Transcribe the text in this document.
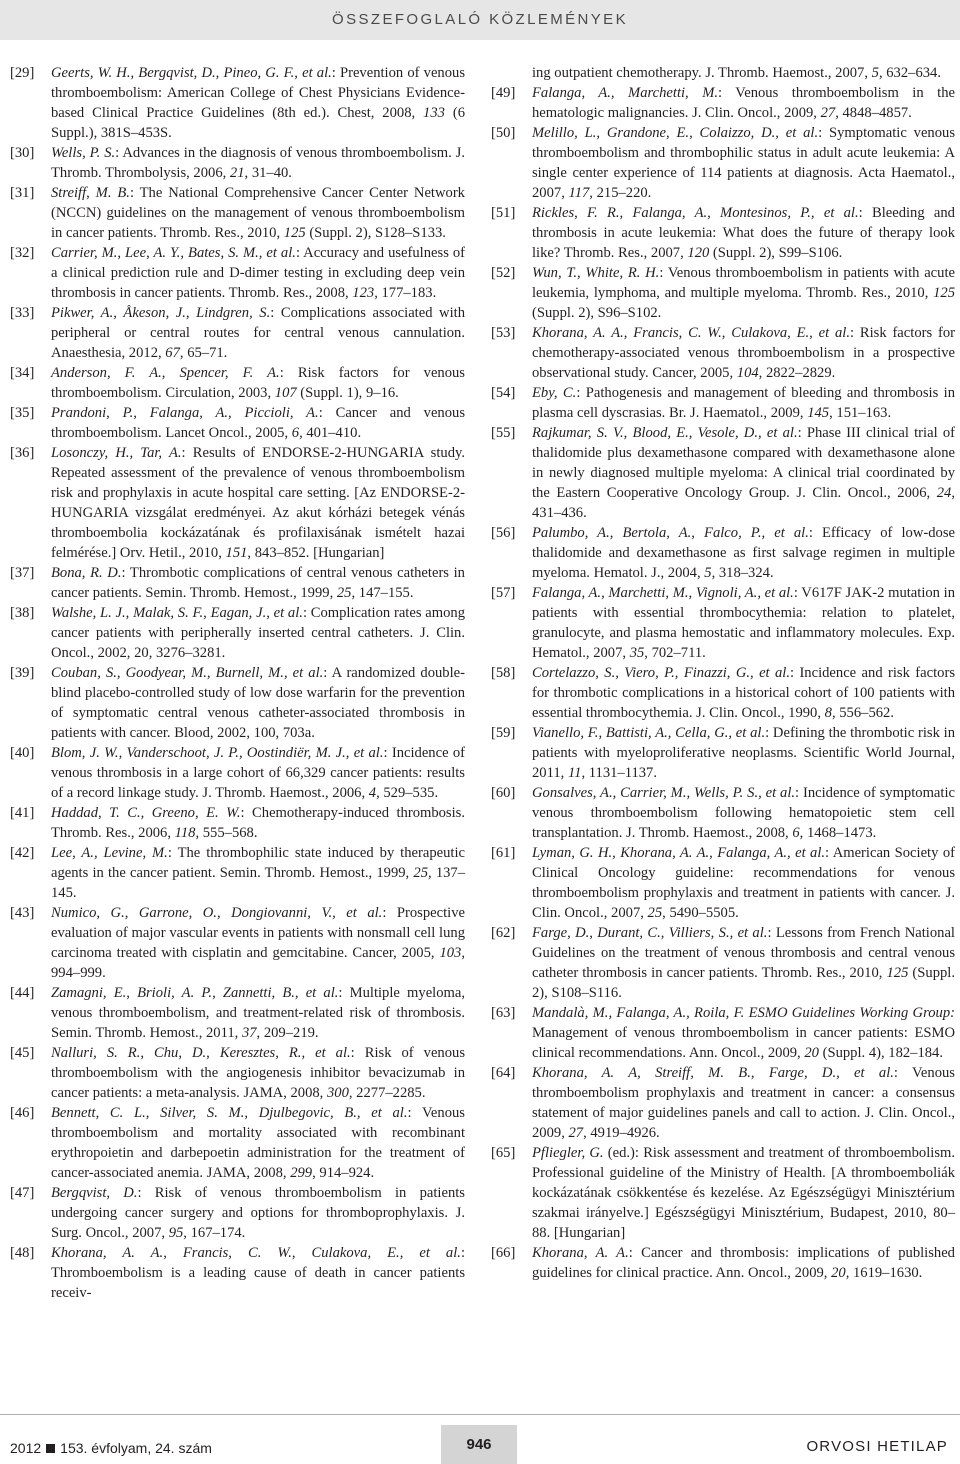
ÖSSZEFOGLALÓ KÖZLEMÉNYEK
[29]	Geerts, W. H., Bergqvist, D., Pineo, G. F., et al.: Prevention of venous thromboembolism: American College of Chest Physicians Evidence-based Clinical Practice Guidelines (8th ed.). Chest, 2008, 133 (6 Suppl.), 381S–453S.
[30]	Wells, P. S.: Advances in the diagnosis of venous thromboembolism. J. Thromb. Thrombolysis, 2006, 21, 31–40.
[31]	Streiff, M. B.: The National Comprehensive Cancer Center Network (NCCN) guidelines on the management of venous thromboembolism in cancer patients. Thromb. Res., 2010, 125 (Suppl. 2), S128–S133.
[32]	Carrier, M., Lee, A. Y., Bates, S. M., et al.: Accuracy and usefulness of a clinical prediction rule and D-dimer testing in excluding deep vein thrombosis in cancer patients. Thromb. Res., 2008, 123, 177–183.
[33]	Pikwer, A., Åkeson, J., Lindgren, S.: Complications associated with peripheral or central routes for central venous cannulation. Anaesthesia, 2012, 67, 65–71.
[34]	Anderson, F. A., Spencer, F. A.: Risk factors for venous thromboembolism. Circulation, 2003, 107 (Suppl. 1), 9–16.
[35]	Prandoni, P., Falanga, A., Piccioli, A.: Cancer and venous thromboembolism. Lancet Oncol., 2005, 6, 401–410.
[36]	Losonczy, H., Tar, A.: Results of ENDORSE-2-HUNGARIA study. Repeated assessment of the prevalence of venous thromboembolism risk and prophylaxis in acute hospital care setting. [Az ENDORSE-2-HUNGARIA vizsgálat eredményei. Az akut kórházi betegek vénás thromboembolia kockázatának és profilaxisának ismételt hazai felmérése.] Orv. Hetil., 2010, 151, 843–852. [Hungarian]
[37]	Bona, R. D.: Thrombotic complications of central venous catheters in cancer patients. Semin. Thromb. Hemost., 1999, 25, 147–155.
[38]	Walshe, L. J., Malak, S. F., Eagan, J., et al.: Complication rates among cancer patients with peripherally inserted central catheters. J. Clin. Oncol., 2002, 20, 3276–3281.
[39]	Couban, S., Goodyear, M., Burnell, M., et al.: A randomized double-blind placebo-controlled study of low dose warfarin for the prevention of symptomatic central venous catheter-associated thrombosis in patients with cancer. Blood, 2002, 100, 703a.
[40]	Blom, J. W., Vanderschoot, J. P., Oostindiër, M. J., et al.: Incidence of venous thrombosis in a large cohort of 66,329 cancer patients: results of a record linkage study. J. Thromb. Haemost., 2006, 4, 529–535.
[41]	Haddad, T. C., Greeno, E. W.: Chemotherapy-induced thrombosis. Thromb. Res., 2006, 118, 555–568.
[42]	Lee, A., Levine, M.: The thrombophilic state induced by therapeutic agents in the cancer patient. Semin. Thromb. Hemost., 1999, 25, 137–145.
[43]	Numico, G., Garrone, O., Dongiovanni, V., et al.: Prospective evaluation of major vascular events in patients with nonsmall cell lung carcinoma treated with cisplatin and gemcitabine. Cancer, 2005, 103, 994–999.
[44]	Zamagni, E., Brioli, A. P., Zannetti, B., et al.: Multiple myeloma, venous thromboembolism, and treatment-related risk of thrombosis. Semin. Thromb. Hemost., 2011, 37, 209–219.
[45]	Nalluri, S. R., Chu, D., Keresztes, R., et al.: Risk of venous thromboembolism with the angiogenesis inhibitor bevacizumab in cancer patients: a meta-analysis. JAMA, 2008, 300, 2277–2285.
[46]	Bennett, C. L., Silver, S. M., Djulbegovic, B., et al.: Venous thromboembolism and mortality associated with recombinant erythropoietin and darbepoetin administration for the treatment of cancer-associated anemia. JAMA, 2008, 299, 914–924.
[47]	Bergqvist, D.: Risk of venous thromboembolism in patients undergoing cancer surgery and options for thromboprophylaxis. J. Surg. Oncol., 2007, 95, 167–174.
[48]	Khorana, A. A., Francis, C. W., Culakova, E., et al.: Thromboembolism is a leading cause of death in cancer patients receiv-
ing outpatient chemotherapy. J. Thromb. Haemost., 2007, 5, 632–634.
[49]	Falanga, A., Marchetti, M.: Venous thromboembolism in the hematologic malignancies. J. Clin. Oncol., 2009, 27, 4848–4857.
[50]	Melillo, L., Grandone, E., Colaizzo, D., et al.: Symptomatic venous thromboembolism and thrombophilic status in adult acute leukemia: A single center experience of 114 patients at diagnosis. Acta Haematol., 2007, 117, 215–220.
[51]	Rickles, F. R., Falanga, A., Montesinos, P., et al.: Bleeding and thrombosis in acute leukemia: What does the future of therapy look like? Thromb. Res., 2007, 120 (Suppl. 2), S99–S106.
[52]	Wun, T., White, R. H.: Venous thromboembolism in patients with acute leukemia, lymphoma, and multiple myeloma. Thromb. Res., 2010, 125 (Suppl. 2), S96–S102.
[53]	Khorana, A. A., Francis, C. W., Culakova, E., et al.: Risk factors for chemotherapy-associated venous thromboembolism in a prospective observational study. Cancer, 2005, 104, 2822–2829.
[54]	Eby, C.: Pathogenesis and management of bleeding and thrombosis in plasma cell dyscrasias. Br. J. Haematol., 2009, 145, 151–163.
[55]	Rajkumar, S. V., Blood, E., Vesole, D., et al.: Phase III clinical trial of thalidomide plus dexamethasone compared with dexamethasone alone in newly diagnosed multiple myeloma: A clinical trial coordinated by the Eastern Cooperative Oncology Group. J. Clin. Oncol., 2006, 24, 431–436.
[56]	Palumbo, A., Bertola, A., Falco, P., et al.: Efficacy of low-dose thalidomide and dexamethasone as first salvage regimen in multiple myeloma. Hematol. J., 2004, 5, 318–324.
[57]	Falanga, A., Marchetti, M., Vignoli, A., et al.: V617F JAK-2 mutation in patients with essential thrombocythemia: relation to platelet, granulocyte, and plasma hemostatic and inflammatory molecules. Exp. Hematol., 2007, 35, 702–711.
[58]	Cortelazzo, S., Viero, P., Finazzi, G., et al.: Incidence and risk factors for thrombotic complications in a historical cohort of 100 patients with essential thrombocythemia. J. Clin. Oncol., 1990, 8, 556–562.
[59]	Vianello, F., Battisti, A., Cella, G., et al.: Defining the thrombotic risk in patients with myeloproliferative neoplasms. Scientific World Journal, 2011, 11, 1131–1137.
[60]	Gonsalves, A., Carrier, M., Wells, P. S., et al.: Incidence of symptomatic venous thromboembolism following hematopoietic stem cell transplantation. J. Thromb. Haemost., 2008, 6, 1468–1473.
[61]	Lyman, G. H., Khorana, A. A., Falanga, A., et al.: American Society of Clinical Oncology guideline: recommendations for venous thromboembolism prophylaxis and treatment in patients with cancer. J. Clin. Oncol., 2007, 25, 5490–5505.
[62]	Farge, D., Durant, C., Villiers, S., et al.: Lessons from French National Guidelines on the treatment of venous thrombosis and central venous catheter thrombosis in cancer patients. Thromb. Res., 2010, 125 (Suppl. 2), S108–S116.
[63]	Mandalà, M., Falanga, A., Roila, F. ESMO Guidelines Working Group: Management of venous thromboembolism in cancer patients: ESMO clinical recommendations. Ann. Oncol., 2009, 20 (Suppl. 4), 182–184.
[64]	Khorana, A. A, Streiff, M. B., Farge, D., et al.: Venous thromboembolism prophylaxis and treatment in cancer: a consensus statement of major guidelines panels and call to action. J. Clin. Oncol., 2009, 27, 4919–4926.
[65]	Pfliegler, G. (ed.): Risk assessment and treatment of thromboembolism. Professional guideline of the Ministry of Health. [A thromboemboliák kockázatának csökkentése és kezelése. Az Egészségügyi Minisztérium szakmai irányelve.] Egészségügyi Minisztérium, Budapest, 2010, 80–88. [Hungarian]
[66]	Khorana, A. A.: Cancer and thrombosis: implications of published guidelines for clinical practice. Ann. Oncol., 2009, 20, 1619–1630.
2012 153. évfolyam, 24. szám	946	ORVOSI HETILAP
